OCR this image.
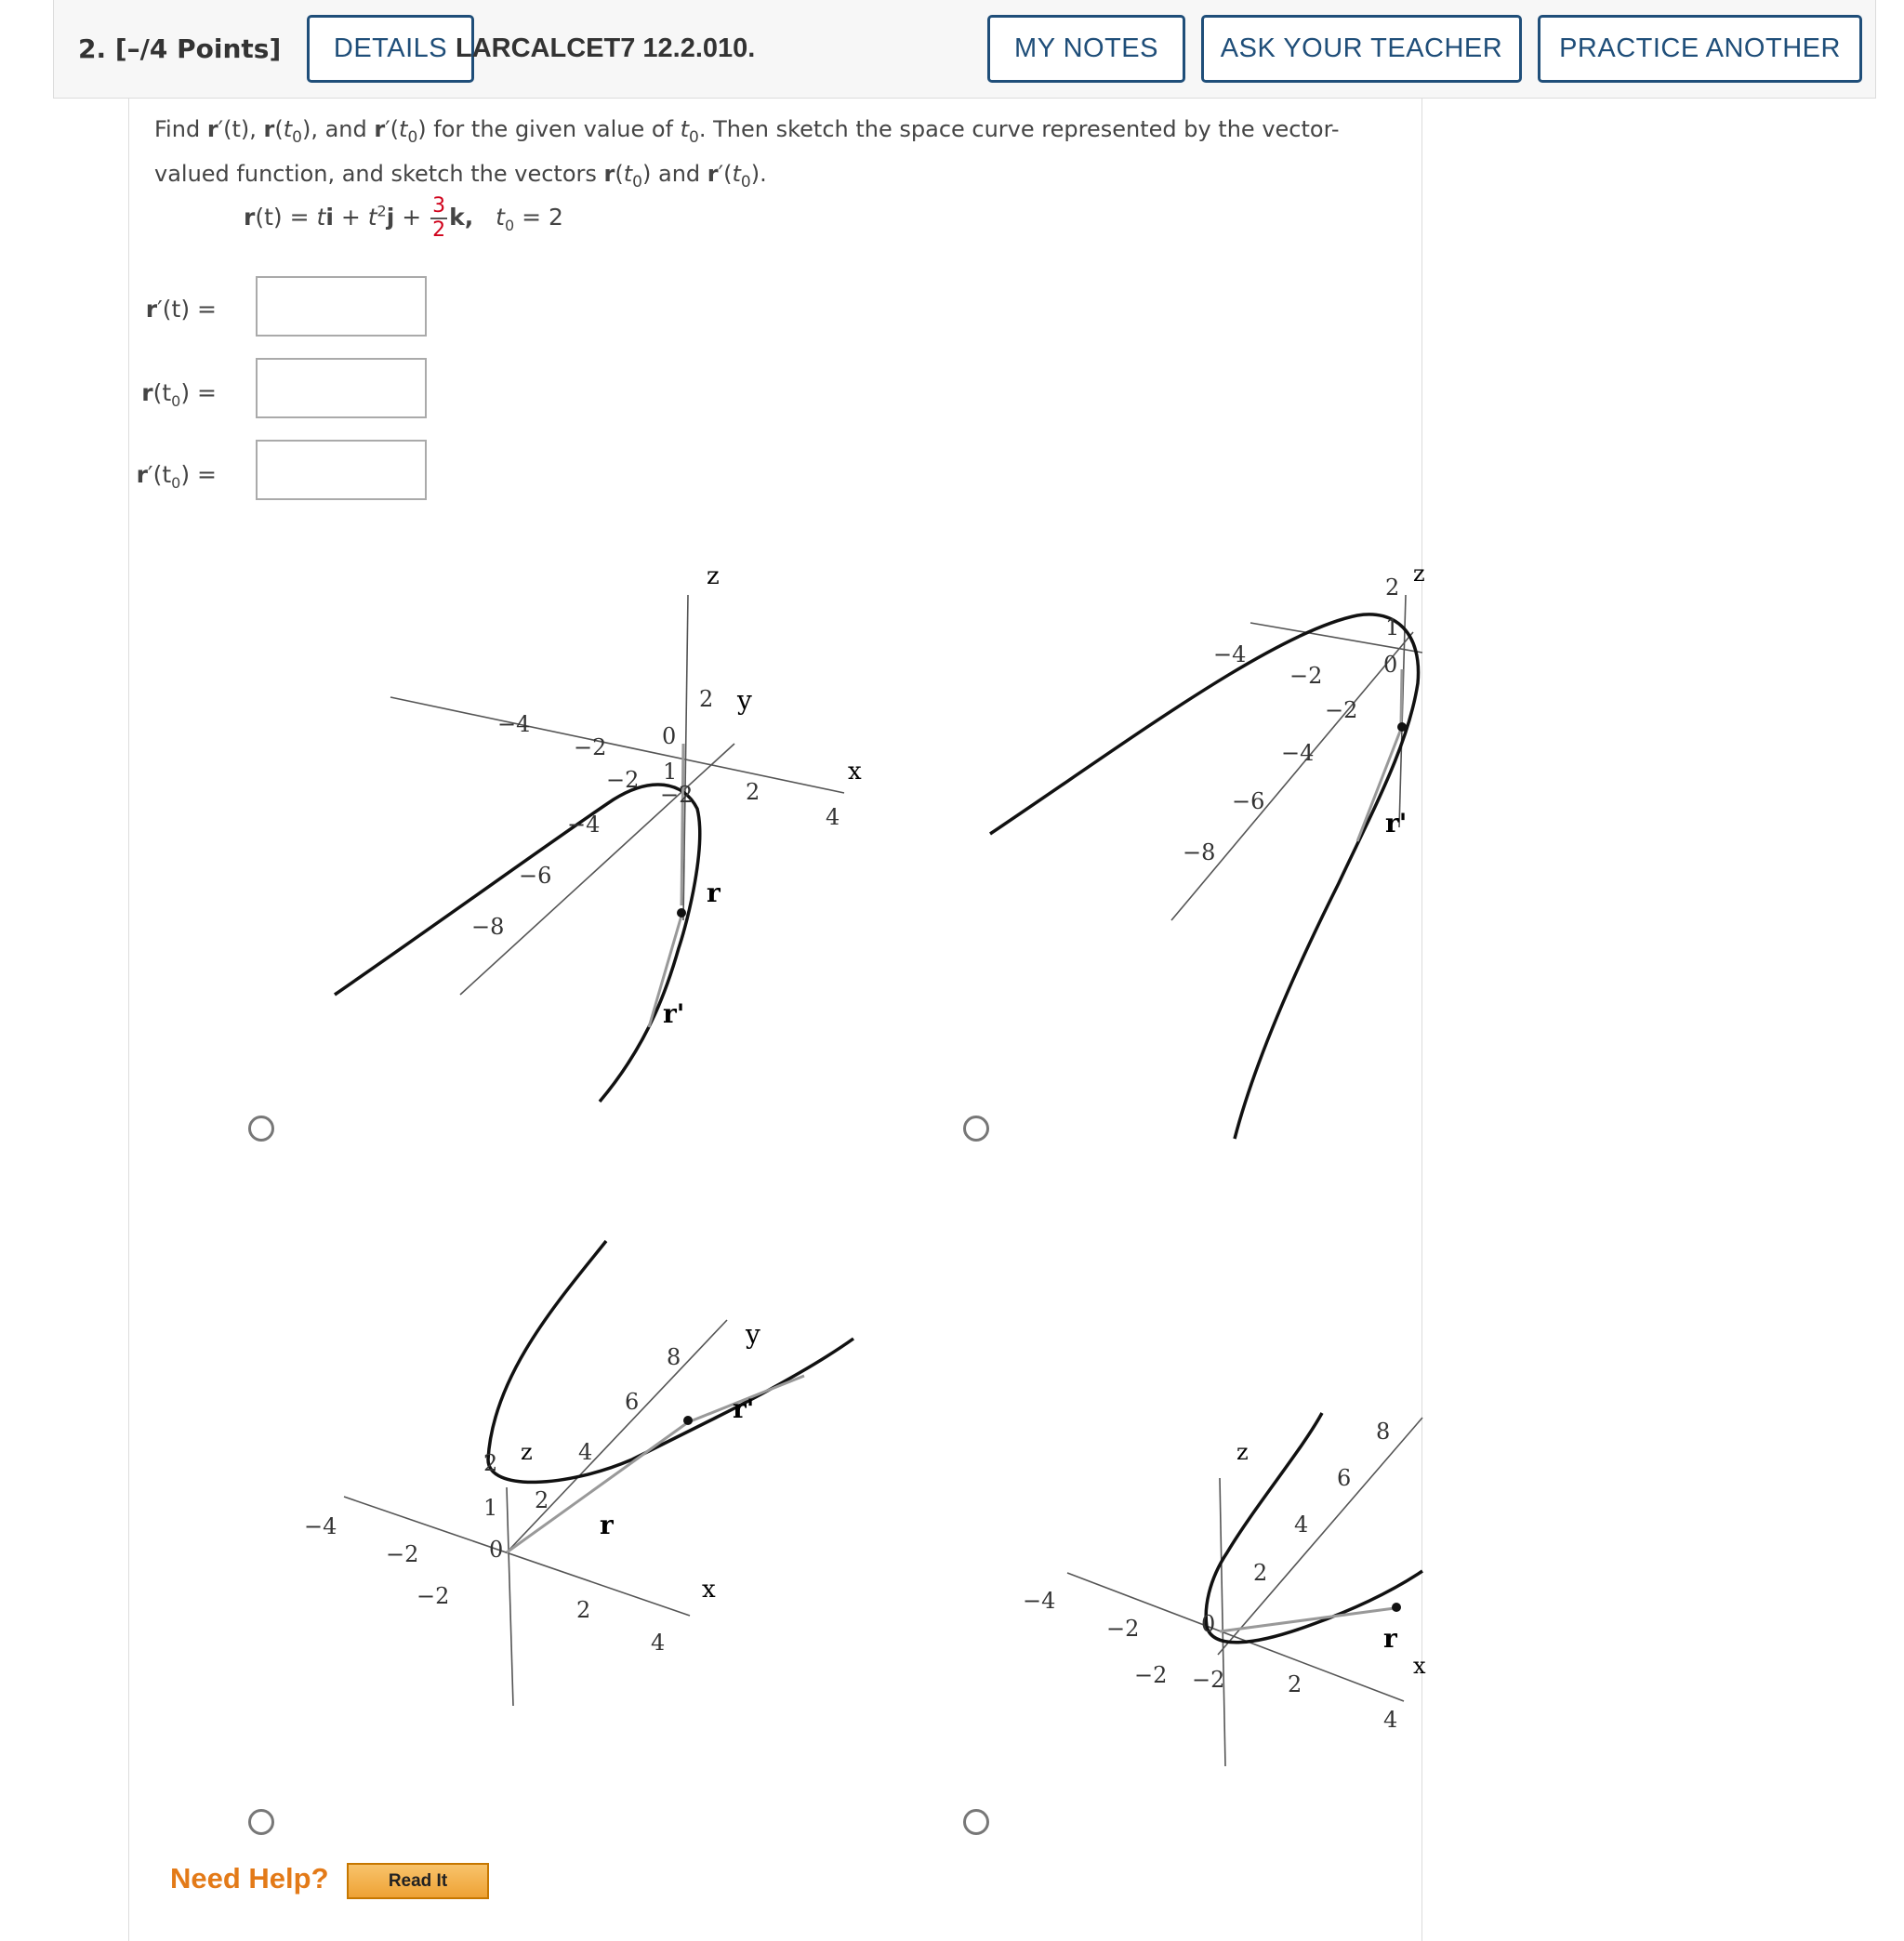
2. [–/4 Points]	DETAILS LARCALCET7 12.2.010.	MY NOTES	ASK YOUR TEACHER	PRACTICE ANOTHER
Find r′(t), $r(t_0)$, and $r'(t_0)$ for the given value of $t_0$. Then sketch the space curve represented by the vector-
valued function, and sketch the vectors $r(t_0)$ and $r'(t_0)$.
r(t) = ti + $t^2j + \frac{3}{2} k$, $t_0 = 2$
r′(t) =
$r(t_0)$ =
$r'(t_0)$ =
z
y
x
r
r'
−4
−2 0
−2
2
1
−2 2
4
−4
−6
−8
z
r'
−4
−2
2
1
0
−2
−4
−6
−8
z
y
x
r
r'
−4
−2	0
−2
2
1
2
4
4
6
8
2
z
x
r
−4
−2	0
−2 −2	2
4
2
4
6
8
Need Help?	Read It
